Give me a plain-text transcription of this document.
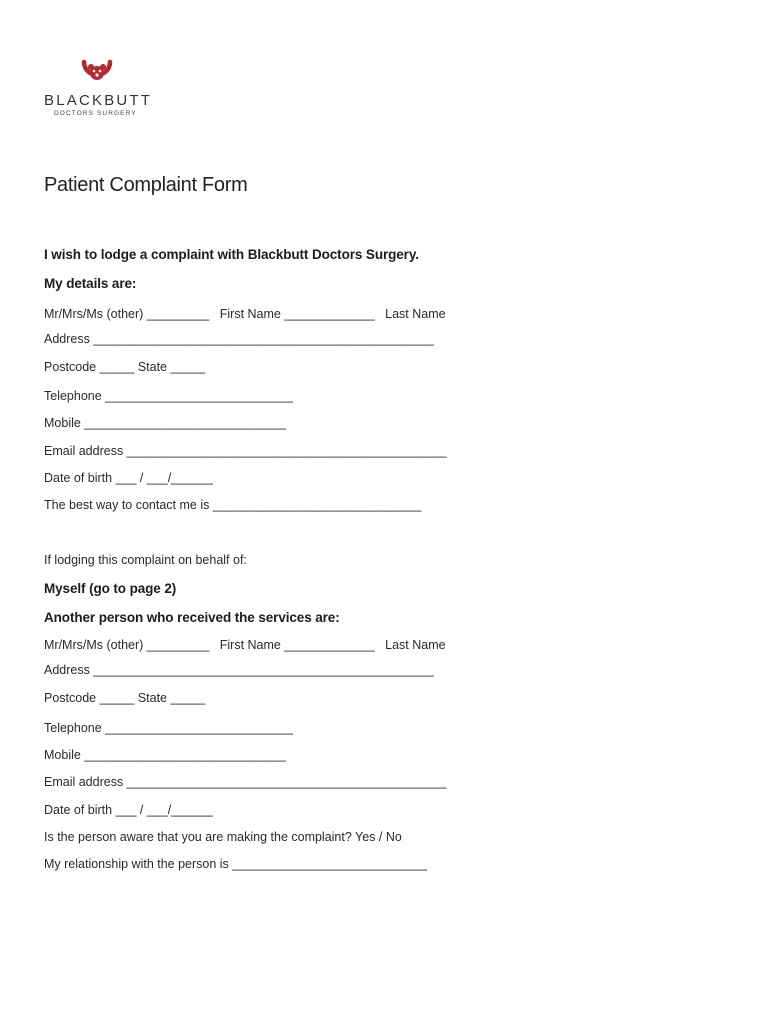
BLACKBUTT
DOCTORS SURGERY
Patient Complaint Form
I wish to lodge a complaint with Blackbutt Doctors Surgery.
My details are:
Mr/Mrs/Ms (other) _________   First Name _____________   Last Name
Address _________________________________________________
Postcode _____ State _____
Telephone ___________________________
Mobile _____________________________
Email address ______________________________________________
Date of birth ___ / ___/______
The best way to contact me is ______________________________
If lodging this complaint on behalf of:
Myself (go to page 2)
Another person who received the services are:
Mr/Mrs/Ms (other) _________   First Name _____________   Last Name
Address _________________________________________________
Postcode _____ State _____
Telephone ___________________________
Mobile _____________________________
Email address ______________________________________________
Date of birth ___ / ___/______
Is the person aware that you are making the complaint? Yes / No
My relationship with the person is ____________________________
